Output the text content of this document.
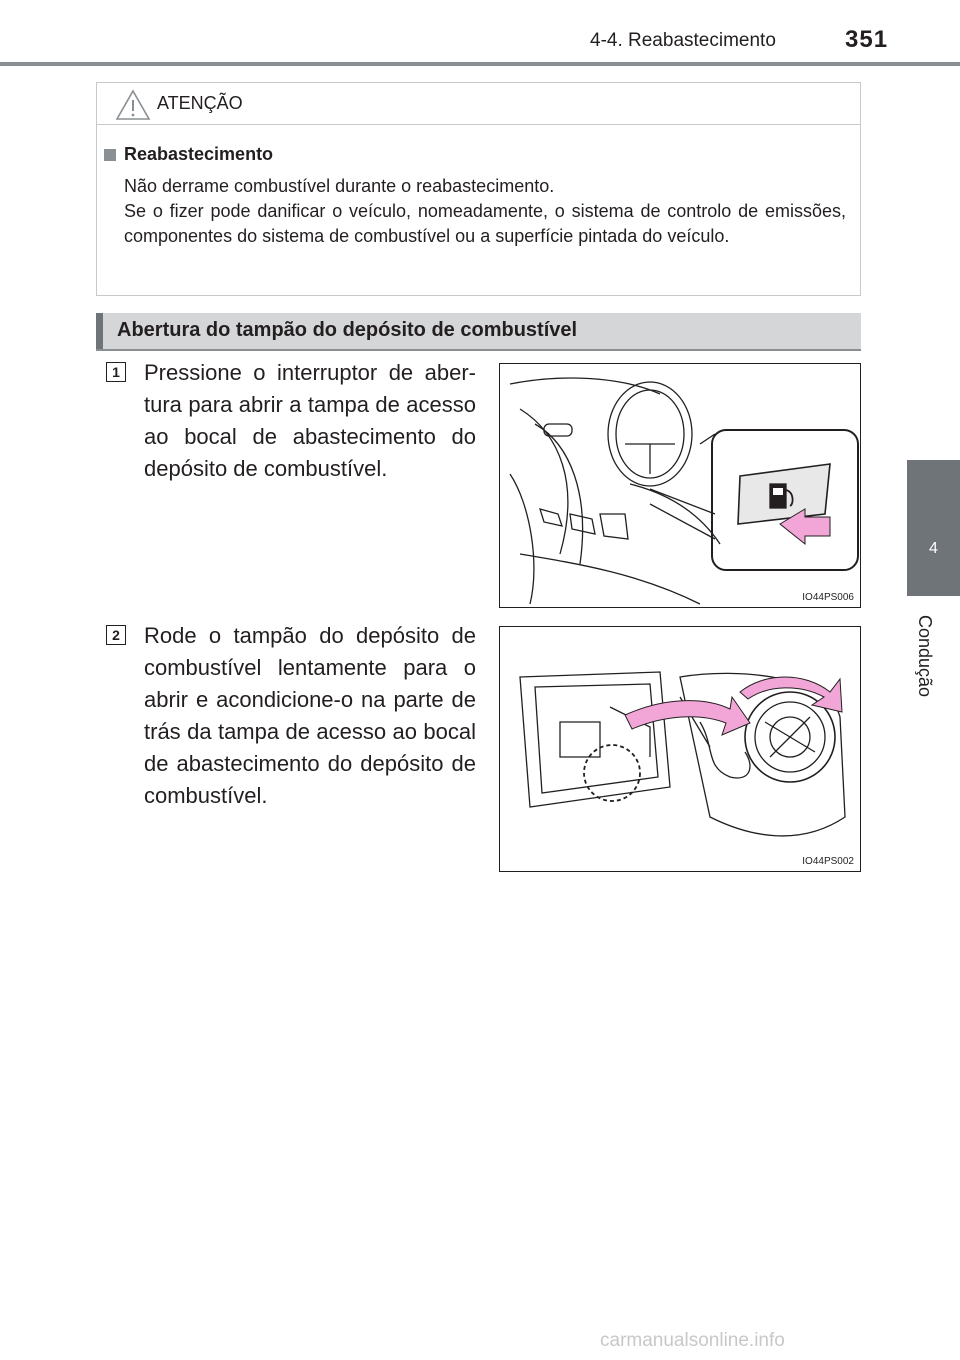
4-4. Reabastecimento	351
4
Condução
ATENÇÃO
Reabastecimento

Não derrame combustível durante o reabastecimento.

Se o fizer pode danificar o veículo, nomeadamente, o sistema de controlo de emissões, componentes do sistema de combustível ou a superfície pintada do veículo.

Abertura do tampão do depósito de combustível
1 Pressione o interruptor de abertura para abrir a tampa de acesso ao bocal de abastecimento do depósito de combustível.
IO44PS006
2 Rode o tampão do depósito de combustível lentamente para o abrir e acondicione-o na parte de trás da tampa de acesso ao bocal de abastecimento do depósito de combustível.
IO44PS002
carmanualsonline.info
